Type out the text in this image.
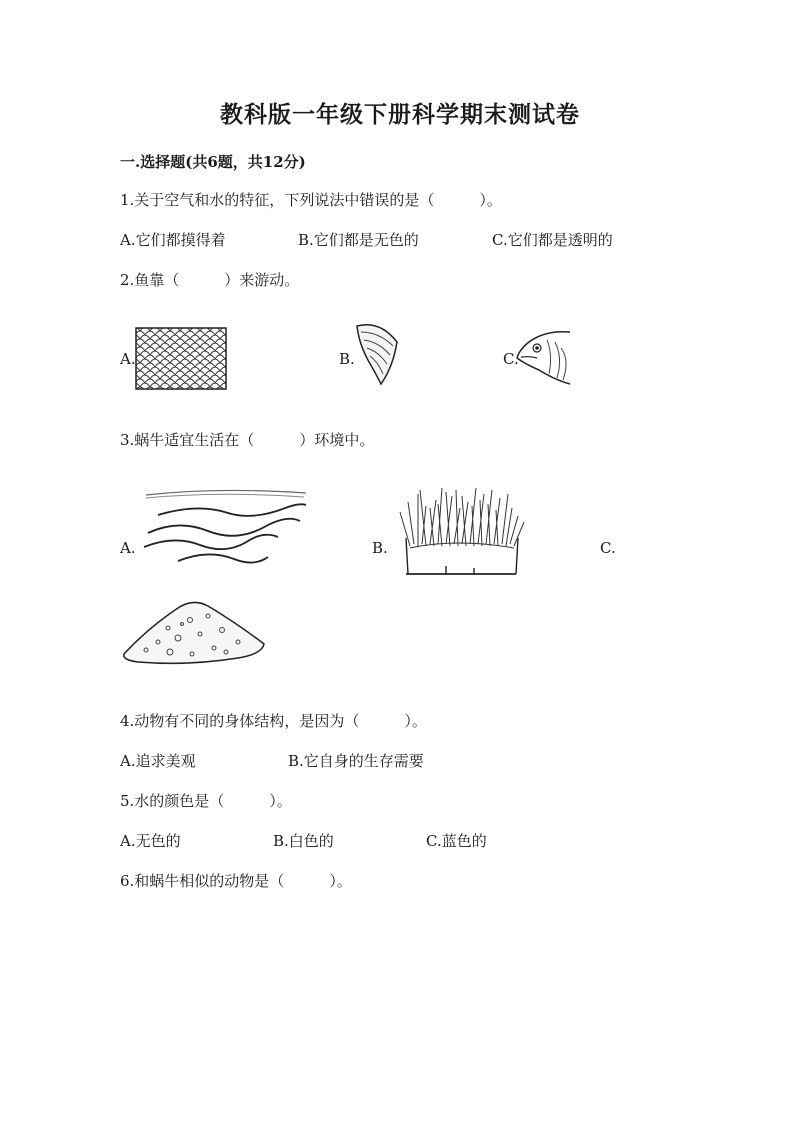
教科版一年级下册科学期末测试卷
一.选择题(共6题，共12分)
1.关于空气和水的特征，下列说法中错误的是（　　　）。
A.它们都摸得着	B.它们都是无色的	C.它们都是透明的
2.鱼靠（　　　）来游动。
A.	B.	C.
3.蜗牛适宜生活在（　　　）环境中。
A.	B.	C.
4.动物有不同的身体结构，是因为（　　　）。
A.追求美观	B.它自身的生存需要
5.水的颜色是（　　　）。
A.无色的	B.白色的	C.蓝色的
6.和蜗牛相似的动物是（　　　）。
